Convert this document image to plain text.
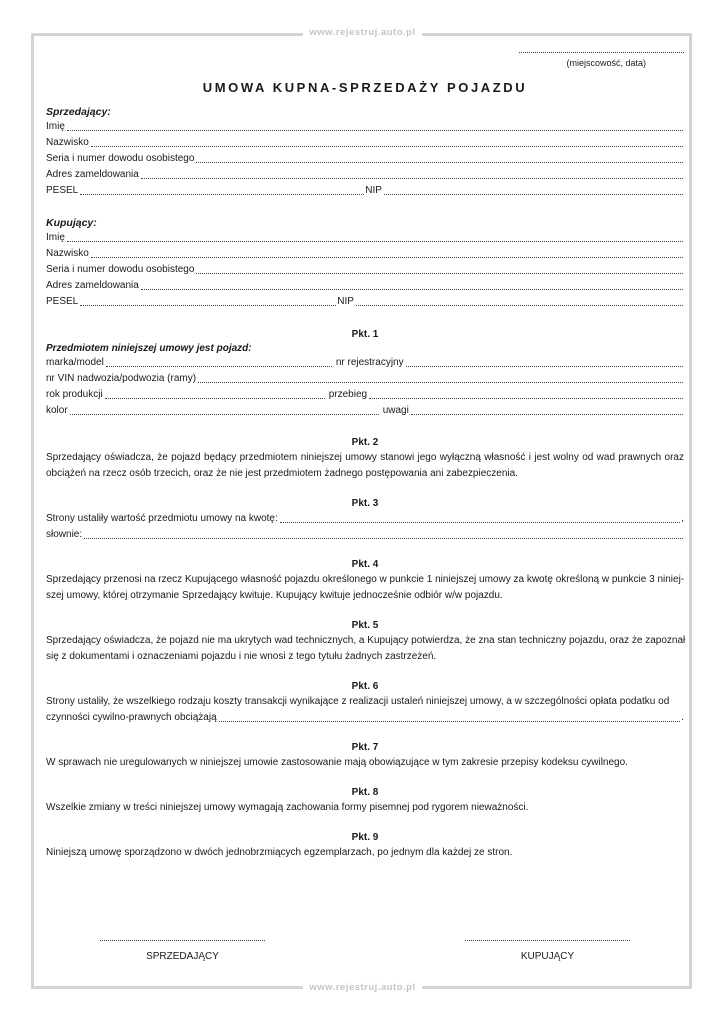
www.rejestruj.auto.pl
www.rejestruj.auto.pl
(miejscowość, data)
UMOWA KUPNA-SPRZEDAŻY POJAZDU
Sprzedający:
Imię
Nazwisko
Seria i numer dowodu osobistego
Adres zameldowania
PESEL	NIP
Kupujący:
Imię
Nazwisko
Seria i numer dowodu osobistego
Adres zameldowania
PESEL	NIP
Pkt. 1
Przedmiotem niniejszej umowy jest pojazd:
marka/model	nr rejestracyjny
nr VIN nadwozia/podwozia (ramy)
rok produkcji	przebieg
kolor	uwagi
Pkt. 2
Sprzedający oświadcza, że pojazd będący przedmiotem niniejszej umowy stanowi jego wyłączną własność i jest wolny od wad prawnych oraz obciążeń na rzecz osób trzecich, oraz że nie jest przedmiotem żadnego postępowania ani zabezpieczenia.
Pkt. 3
Strony ustaliły wartość przedmiotu umowy na kwotę:	,
słownie:
Pkt. 4
Sprzedający przenosi na rzecz Kupującego własność pojazdu określonego w punkcie 1 niniejszej umowy za kwotę określoną w punkcie 3 niniej-
szej umowy, której otrzymanie Sprzedający kwituje. Kupujący kwituje jednocześnie odbiór w/w pojazdu.
Pkt. 5
Sprzedający oświadcza, że pojazd nie ma ukrytych wad technicznych, a Kupujący potwierdza, że zna stan techniczny pojazdu, oraz że zapoznał
się z dokumentami i oznaczeniami pojazdu i nie wnosi z tego tytułu żadnych zastrzeżeń.
Pkt. 6
Strony ustaliły, że wszelkiego rodzaju koszty transakcji wynikające z realizacji ustaleń niniejszej umowy, a w szczególności opłata podatku od
czynności cywilno-prawnych obciążają	.
Pkt. 7
W sprawach nie uregulowanych w niniejszej umowie zastosowanie mają obowiązujące w tym zakresie przepisy kodeksu cywilnego.
Pkt. 8
Wszelkie zmiany w treści niniejszej umowy wymagają zachowania formy pisemnej pod rygorem nieważności.
Pkt. 9
Niniejszą umowę sporządzono w dwóch jednobrzmiących egzemplarzach, po jednym dla każdej ze stron.
SPRZEDAJĄCY	KUPUJĄCY
